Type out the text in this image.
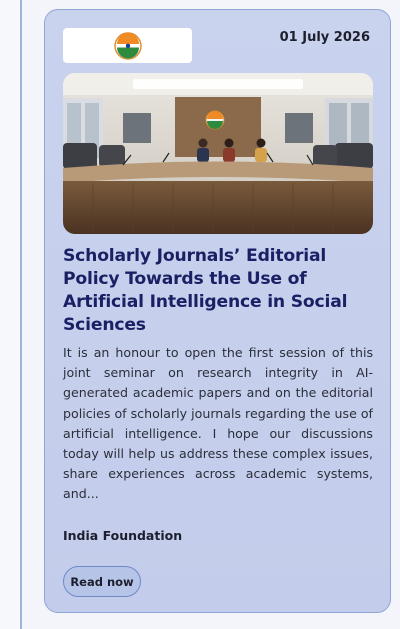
01 July 2026
Scholarly Journals’ Editorial Policy Towards the Use of Artificial Intelligence in Social Sciences
It is an honour to open the first session of this joint seminar on research integrity in AI-generated academic papers and on the editorial policies of scholarly journals regarding the use of artificial intelligence. I hope our discussions today will help us address these complex issues, share experiences across academic systems, and...
India Foundation
Read now
